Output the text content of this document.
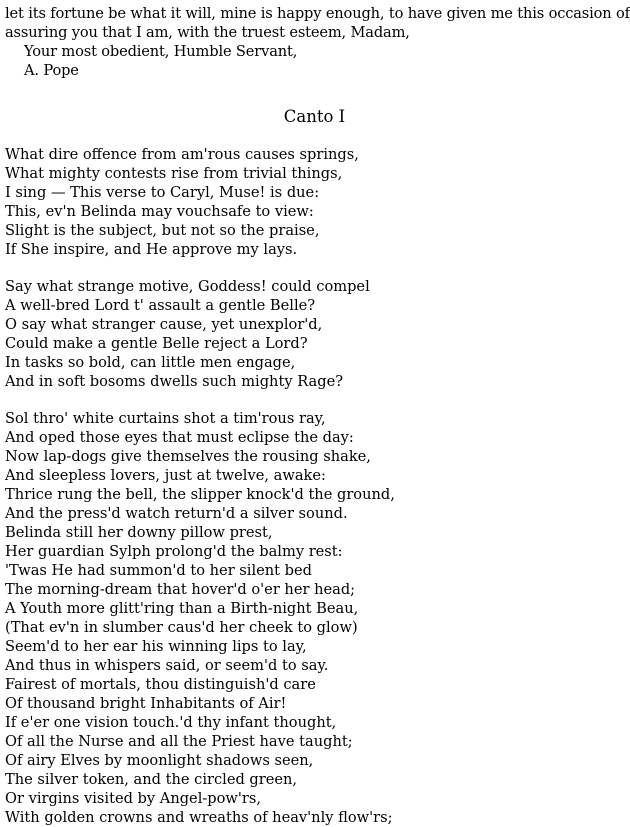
let its fortune be what it will, mine is happy enough, to have given me this occasion of

assuring you that I am, with the truest esteem, Madam,

Your most obedient, Humble Servant,

A. Pope

Canto I

What dire offence from am'rous causes springs,

What mighty contests rise from trivial things,

I sing — This verse to Caryl, Muse! is due:

This, ev'n Belinda may vouchsafe to view:

Slight is the subject, but not so the praise,

If She inspire, and He approve my lays.

Say what strange motive, Goddess! could compel

A well-bred Lord t' assault a gentle Belle?

O say what stranger cause, yet unexplor'd,

Could make a gentle Belle reject a Lord?

In tasks so bold, can little men engage,

And in soft bosoms dwells such mighty Rage?

Sol thro' white curtains shot a tim'rous ray,

And oped those eyes that must eclipse the day:

Now lap-dogs give themselves the rousing shake,

And sleepless lovers, just at twelve, awake:

Thrice rung the bell, the slipper knock'd the ground,

And the press'd watch return'd a silver sound.

Belinda still her downy pillow prest,

Her guardian Sylph prolong'd the balmy rest:

'Twas He had summon'd to her silent bed

The morning-dream that hover'd o'er her head;

A Youth more glitt'ring than a Birth-night Beau,

(That ev'n in slumber caus'd her cheek to glow)

Seem'd to her ear his winning lips to lay,

And thus in whispers said, or seem'd to say.

Fairest of mortals, thou distinguish'd care

Of thousand bright Inhabitants of Air!

If e'er one vision touch.'d thy infant thought,

Of all the Nurse and all the Priest have taught;

Of airy Elves by moonlight shadows seen,

The silver token, and the circled green,

Or virgins visited by Angel-pow'rs,

With golden crowns and wreaths of heav'nly flow'rs;
